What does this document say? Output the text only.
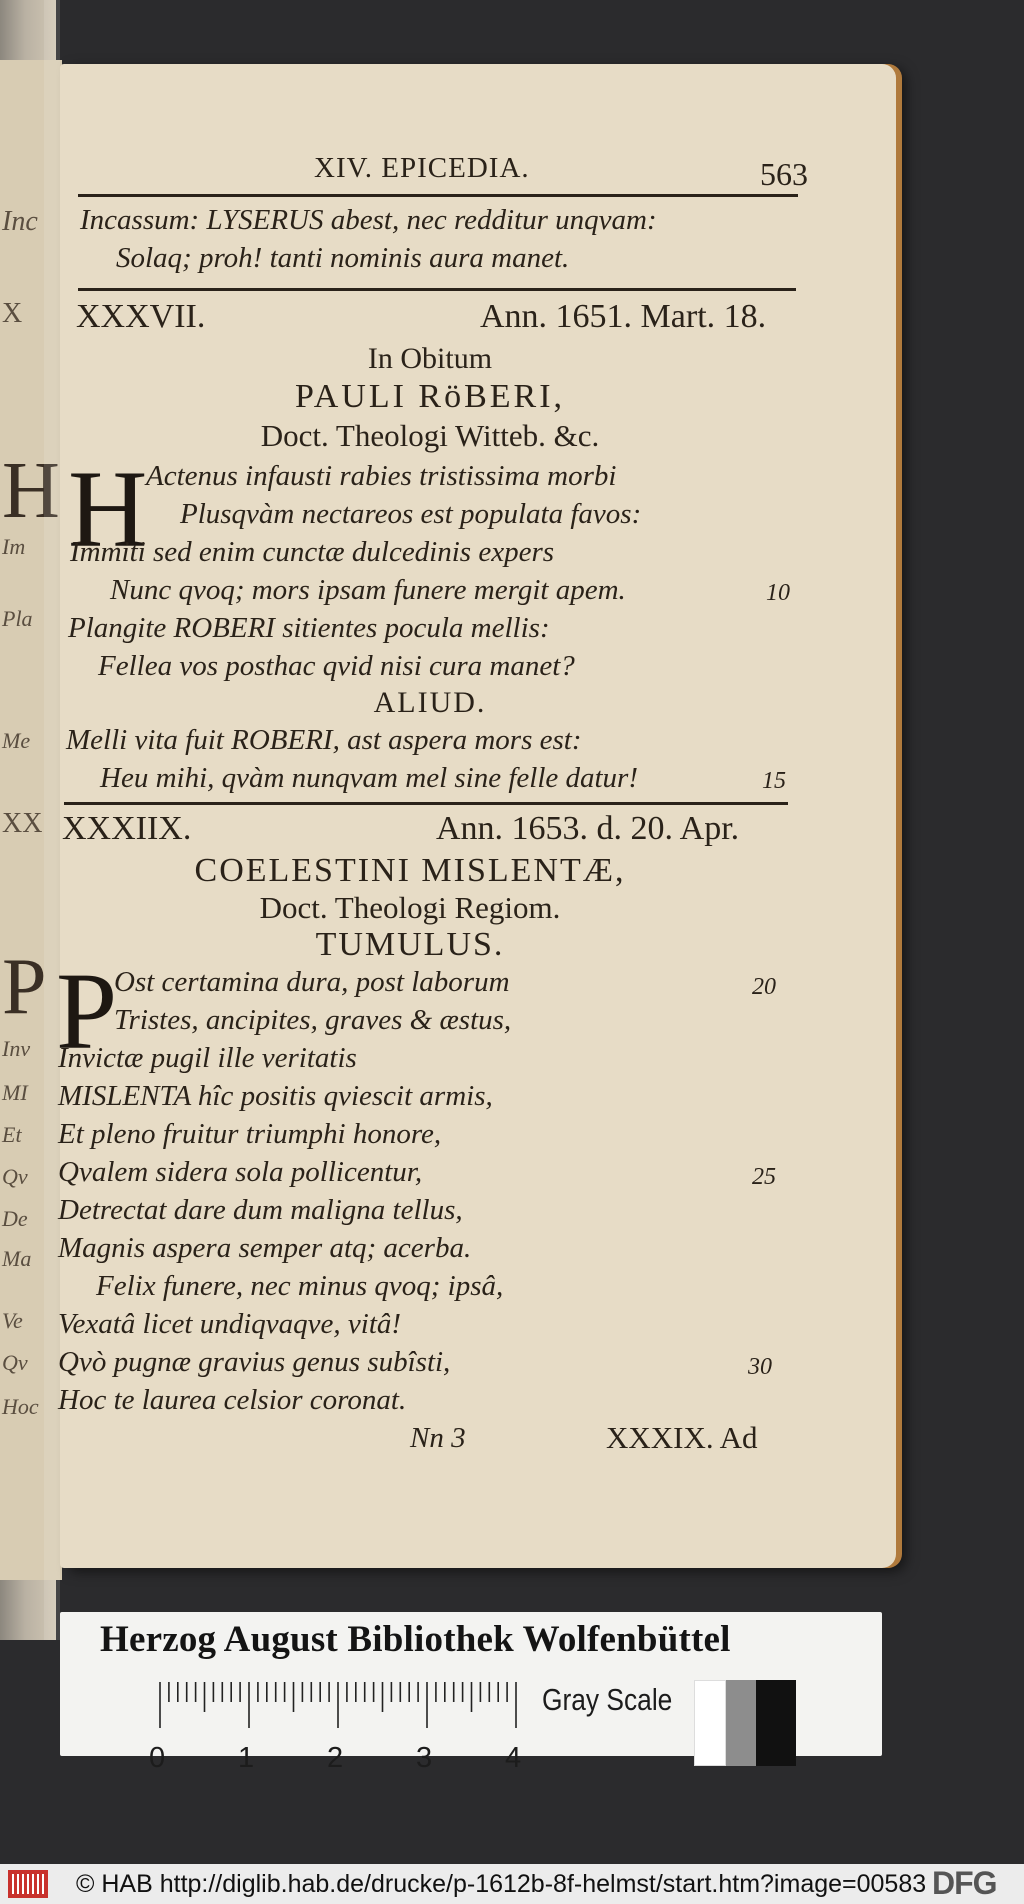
Inc
X
H
Im
Pla
Me
XX
P
Inv
MI
Et
Qv
De
Ma
Ve
Qv
Hoc
XIV. EPICEDIA.	563
Incassum: LYSERUS abest, nec redditur unqvam:
Solaq; proh! tanti nominis aura manet.
XXXVII.	Ann. 1651. Mart. 18.
In Obitum
PAULI RöBERI,
Doct. Theologi Witteb. &c.
H
Actenus infausti rabies tristissima morbi
Plusqvàm nectareos est populata favos:
Immiti sed enim cunctæ dulcedinis expers
Nunc qvoq; mors ipsam funere mergit apem.	10
Plangite ROBERI sitientes pocula mellis:
Fellea vos posthac qvid nisi cura manet?
ALIUD.
Melli vita fuit ROBERI, ast aspera mors est:
Heu mihi, qvàm nunqvam mel sine felle datur!	15
XXXIIX.	Ann. 1653. d. 20. Apr.
COELESTINI MISLENTÆ,
Doct. Theologi Regiom.
TUMULUS.
P
Ost certamina dura, post laborum	20
Tristes, ancipites, graves & æstus,
Invictæ pugil ille veritatis
MISLENTA hîc positis qviescit armis,
Et pleno fruitur triumphi honore,
Qvalem sidera sola pollicentur,	25
Detrectat dare dum maligna tellus,
Magnis aspera semper atq; acerba.
Felix funere, nec minus qvoq; ipsâ,
Vexatâ licet undiqvaqve, vitâ!
Qvò pugnæ gravius genus subîsti,	30
Hoc te laurea celsior coronat.
Nn 3	XXXIX. Ad
Herzog August Bibliothek Wolfenbüttel
0	1	2	3	4
Gray Scale
© HAB http://diglib.hab.de/drucke/p-1612b-8f-helmst/start.htm?image=00583 DFG
